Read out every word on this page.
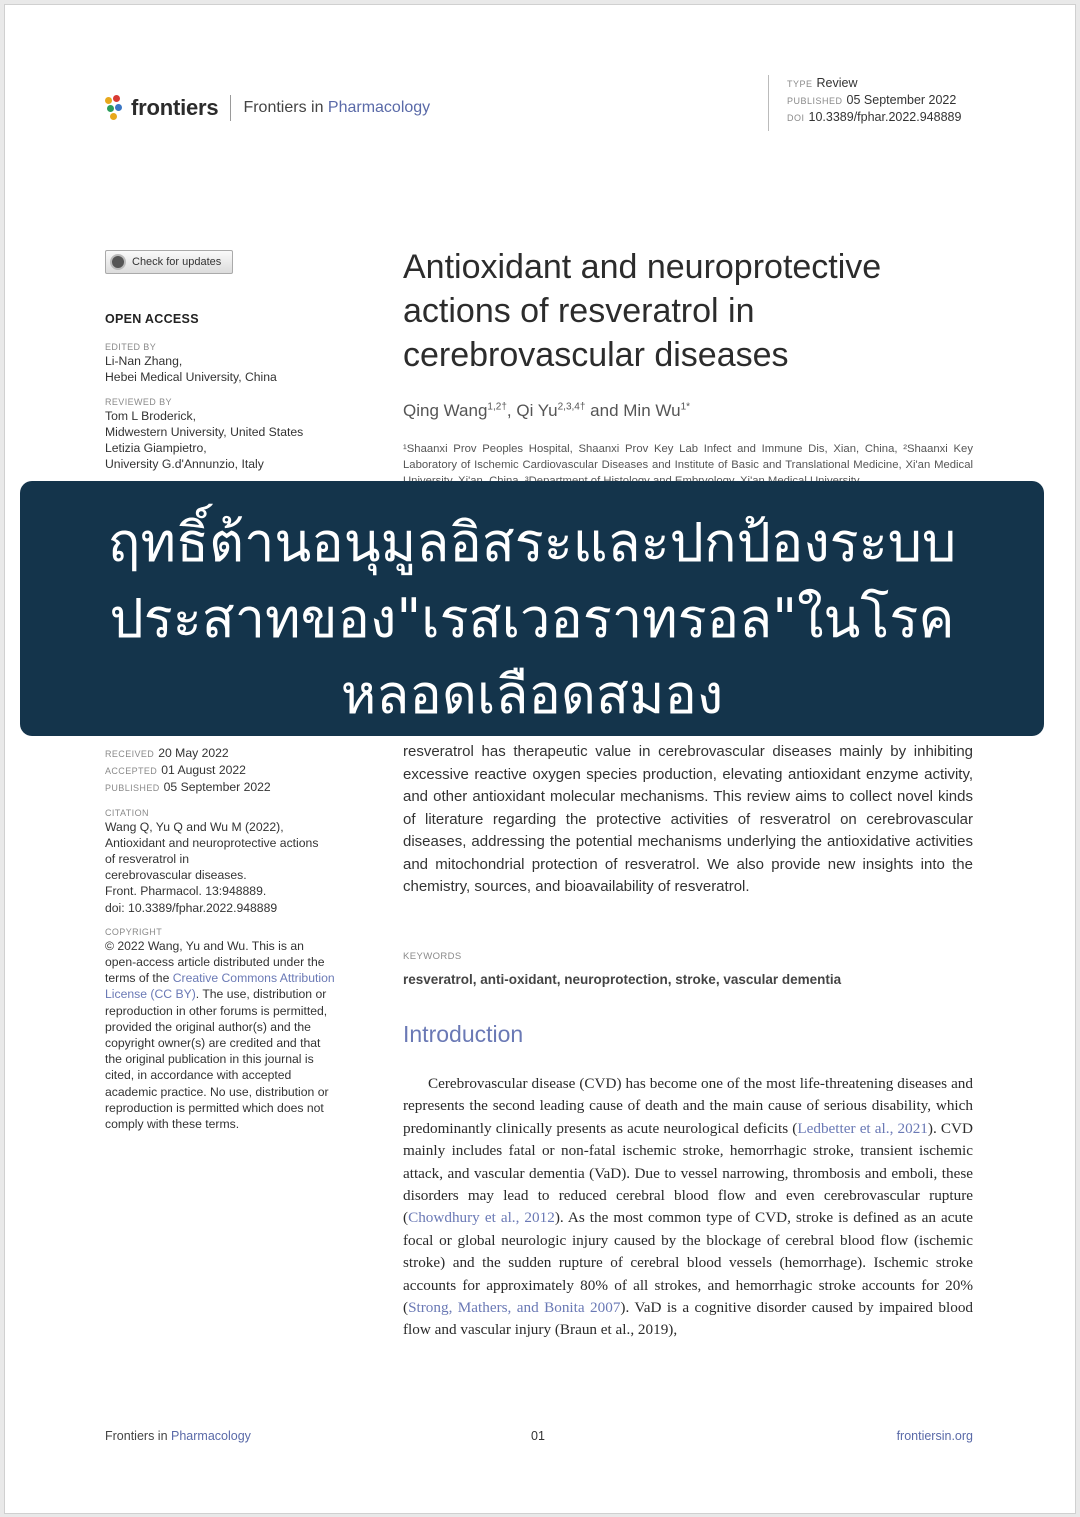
frontiers Frontiers in Pharmacology
TYPE Review
PUBLISHED 05 September 2022
DOI 10.3389/fphar.2022.948889
Check for updates
OPEN ACCESS
EDITED BY
Li-Nan Zhang,
Hebei Medical University, China
REVIEWED BY
Tom L Broderick,
Midwestern University, United States
Letizia Giampietro,
University G.d'Annunzio, Italy
RECEIVED 20 May 2022
ACCEPTED 01 August 2022
PUBLISHED 05 September 2022
CITATION
Wang Q, Yu Q and Wu M (2022),
Antioxidant and neuroprotective actions
of resveratrol in
cerebrovascular diseases.
Front. Pharmacol. 13:948889.
doi: 10.3389/fphar.2022.948889
COPYRIGHT
© 2022 Wang, Yu and Wu. This is an open-access article distributed under the terms of the Creative Commons Attribution License (CC BY). The use, distribution or reproduction in other forums is permitted, provided the original author(s) and the copyright owner(s) are credited and that the original publication in this journal is cited, in accordance with accepted academic practice. No use, distribution or reproduction is permitted which does not comply with these terms.
Antioxidant and neuroprotective
actions of resveratrol in
cerebrovascular diseases
Qing Wang$^{1,2\dagger}$, Qi $Yu^{2,3,4\dagger}$ and Min $Wu^{1*}$
¹Shaanxi Prov Peoples Hospital, Shaanxi Prov Key Lab Infect and Immune Dis, Xian, China, ²Shaanxi Key Laboratory of Ischemic Cardiovascular Diseases and Institute of Basic and Translational Medicine, Xi'an Medical
resveratrol has therapeutic value in cerebrovascular diseases mainly by inhibiting excessive reactive oxygen species production, elevating antioxidant enzyme activity, and other antioxidant molecular mechanisms. This review aims to collect novel kinds of literature regarding the protective activities of resveratrol on cerebrovascular diseases, addressing the potential mechanisms underlying the antioxidative activities and mitochondrial protection of resveratrol. We also provide new insights into the chemistry, sources, and bioavailability of resveratrol.
KEYWORDS
resveratrol, anti-oxidant, neuroprotection, stroke, vascular dementia
Introduction
Cerebrovascular disease (CVD) has become one of the most life-threatening diseases and represents the second leading cause of death and the main cause of serious disability, which predominantly clinically presents as acute neurological deficits (Ledbetter et al., 2021). CVD mainly includes fatal or non-fatal ischemic stroke, hemorrhagic stroke, transient ischemic attack, and vascular dementia (VaD). Due to vessel narrowing, thrombosis and emboli, these disorders may lead to reduced cerebral blood flow and even cerebrovascular rupture (Chowdhury et al., 2012). As the most common type of CVD, stroke is defined as an acute focal or global neurologic injury caused by the blockage of cerebral blood flow (ischemic stroke) and the sudden rupture of cerebral blood vessels (hemorrhage). Ischemic stroke accounts for approximately 80% of all strokes, and hemorrhagic stroke accounts for 20% (Strong, Mathers, and Bonita 2007). VaD is a cognitive disorder caused by impaired blood flow and vascular injury (Braun et al., 2019),
Frontiers in Pharmacology	01	frontiersin.org
ฤทธิ์ต้านอนุมูลอิสระและปกป้องระบบ
ประสาทของ"เรสเวอราทรอล"ในโรค
หลอดเลือดสมอง
